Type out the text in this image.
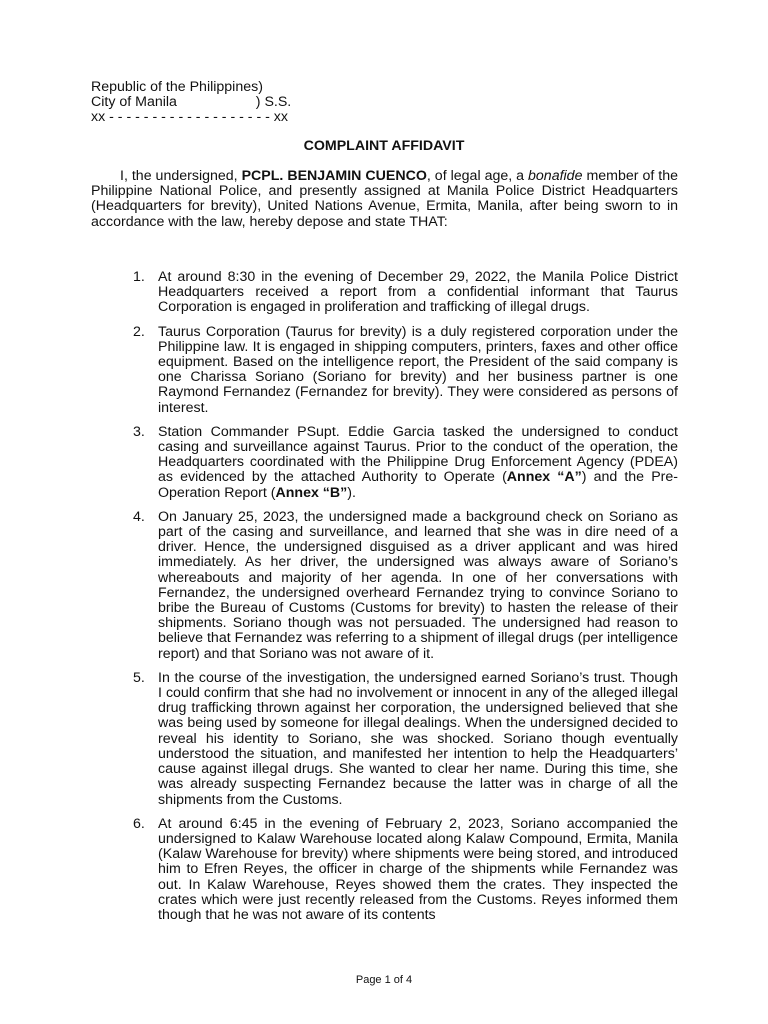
Republic of the Philippines)
City of Manila                    ) S.S.
xx - - - - - - - - - - - - - - - - - - - xx
COMPLAINT AFFIDAVIT
I, the undersigned, PCPL. BENJAMIN CUENCO, of legal age, a bonafide member of the Philippine National Police, and presently assigned at Manila Police District Headquarters (Headquarters for brevity), United Nations Avenue, Ermita, Manila, after being sworn to in accordance with the law, hereby depose and state THAT:
1. At around 8:30 in the evening of December 29, 2022, the Manila Police District Headquarters received a report from a confidential informant that Taurus Corporation is engaged in proliferation and trafficking of illegal drugs.
2. Taurus Corporation (Taurus for brevity) is a duly registered corporation under the Philippine law. It is engaged in shipping computers, printers, faxes and other office equipment. Based on the intelligence report, the President of the said company is one Charissa Soriano (Soriano for brevity) and her business partner is one Raymond Fernandez (Fernandez for brevity). They were considered as persons of interest.
3. Station Commander PSupt. Eddie Garcia tasked the undersigned to conduct casing and surveillance against Taurus. Prior to the conduct of the operation, the Headquarters coordinated with the Philippine Drug Enforcement Agency (PDEA) as evidenced by the attached Authority to Operate (Annex “A”) and the Pre-Operation Report (Annex “B”).
4. On January 25, 2023, the undersigned made a background check on Soriano as part of the casing and surveillance, and learned that she was in dire need of a driver. Hence, the undersigned disguised as a driver applicant and was hired immediately. As her driver, the undersigned was always aware of Soriano’s whereabouts and majority of her agenda. In one of her conversations with Fernandez, the undersigned overheard Fernandez trying to convince Soriano to bribe the Bureau of Customs (Customs for brevity) to hasten the release of their shipments. Soriano though was not persuaded. The undersigned had reason to believe that Fernandez was referring to a shipment of illegal drugs (per intelligence report) and that Soriano was not aware of it.
5. In the course of the investigation, the undersigned earned Soriano’s trust. Though I could confirm that she had no involvement or innocent in any of the alleged illegal drug trafficking thrown against her corporation, the undersigned believed that she was being used by someone for illegal dealings. When the undersigned decided to reveal his identity to Soriano, she was shocked. Soriano though eventually understood the situation, and manifested her intention to help the Headquarters’ cause against illegal drugs. She wanted to clear her name. During this time, she was already suspecting Fernandez because the latter was in charge of all the shipments from the Customs.
6. At around 6:45 in the evening of February 2, 2023, Soriano accompanied the undersigned to Kalaw Warehouse located along Kalaw Compound, Ermita, Manila (Kalaw Warehouse for brevity) where shipments were being stored, and introduced him to Efren Reyes, the officer in charge of the shipments while Fernandez was out. In Kalaw Warehouse, Reyes showed them the crates. They inspected the crates which were just recently released from the Customs. Reyes informed them though that he was not aware of its contents
Page 1 of 4
